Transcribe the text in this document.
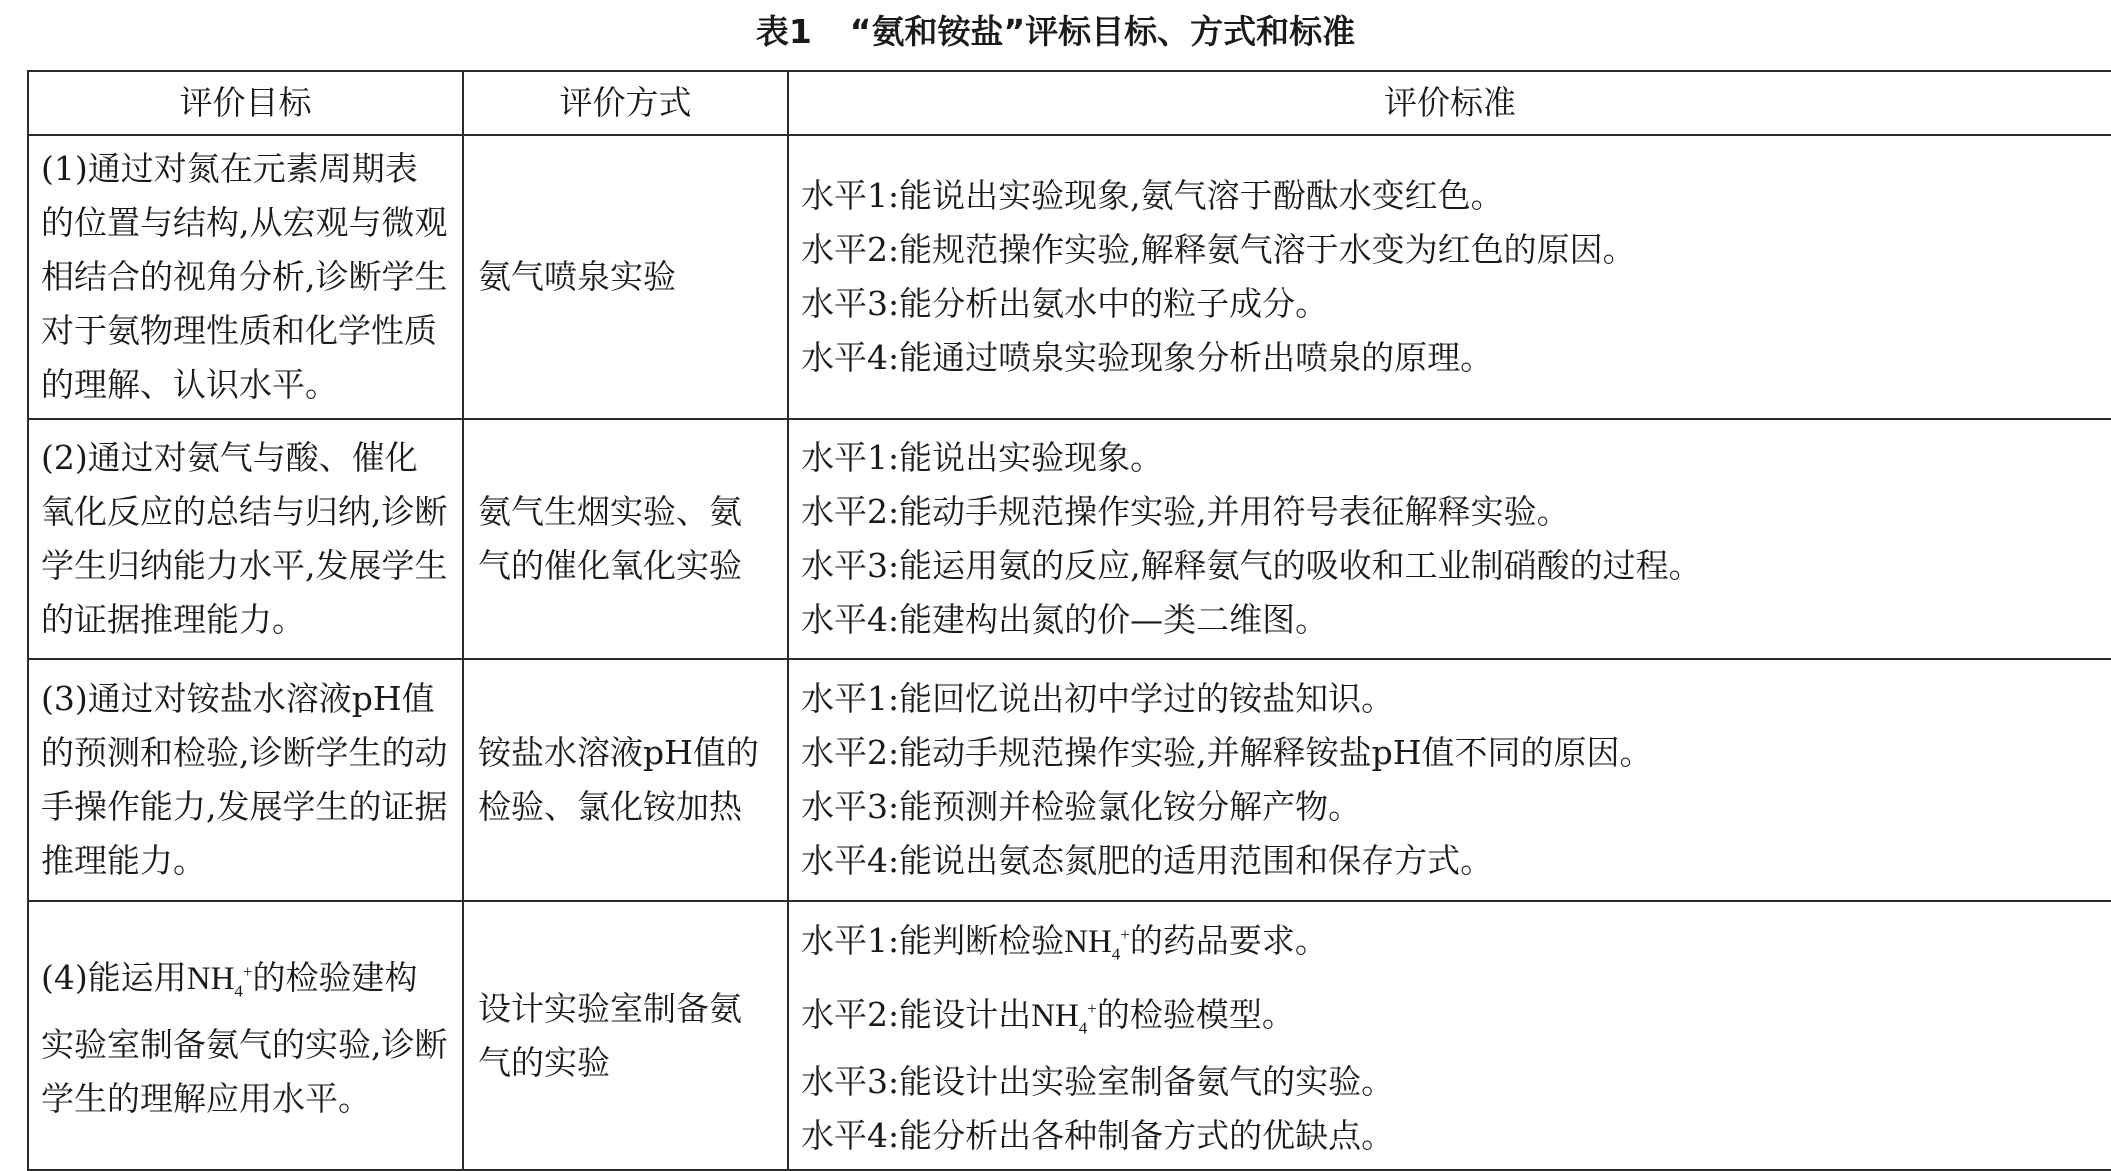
表1 “氨和铵盐”评标目标、方式和标准
评价目标	评价方式	评价标准

(1)通过对氮在元素周期表的位置与结构,从宏观与微观相结合的视角分析,诊断学生对于氨物理性质和化学性质的理解、认识水平。	氨气喷泉实验	水平1:能说出实验现象,氨气溶于酚酞水变红色。
水平2:能规范操作实验,解释氨气溶于水变为红色的原因。
水平3:能分析出氨水中的粒子成分。
水平4:能通过喷泉实验现象分析出喷泉的原理。

(2)通过对氨气与酸、催化氧化反应的总结与归纳,诊断学生归纳能力水平,发展学生的证据推理能力。	氨气生烟实验、氨气的催化氧化实验	水平1:能说出实验现象。
水平2:能动手规范操作实验,并用符号表征解释实验。
水平3:能运用氨的反应,解释氨气的吸收和工业制硝酸的过程。
水平4:能建构出氮的价—类二维图。

(3)通过对铵盐水溶液pH值的预测和检验,诊断学生的动手操作能力,发展学生的证据推理能力。	铵盐水溶液pH值的检验、氯化铵加热	水平1:能回忆说出初中学过的铵盐知识。
水平2:能动手规范操作实验,并解释铵盐pH值不同的原因。
水平3:能预测并检验氯化铵分解产物。
水平4:能说出氨态氮肥的适用范围和保存方式。

(4)能运用$NH_4^+$的检验建构实验室制备氨气的实验,诊断学生的理解应用水平。	设计实验室制备氨气的实验	水平1:能判断检验$NH_4^+$的药品要求。
水平2:能设计出$NH_4^+$的检验模型。
水平3:能设计出实验室制备氨气的实验。
水平4:能分析出各种制备方式的优缺点。
